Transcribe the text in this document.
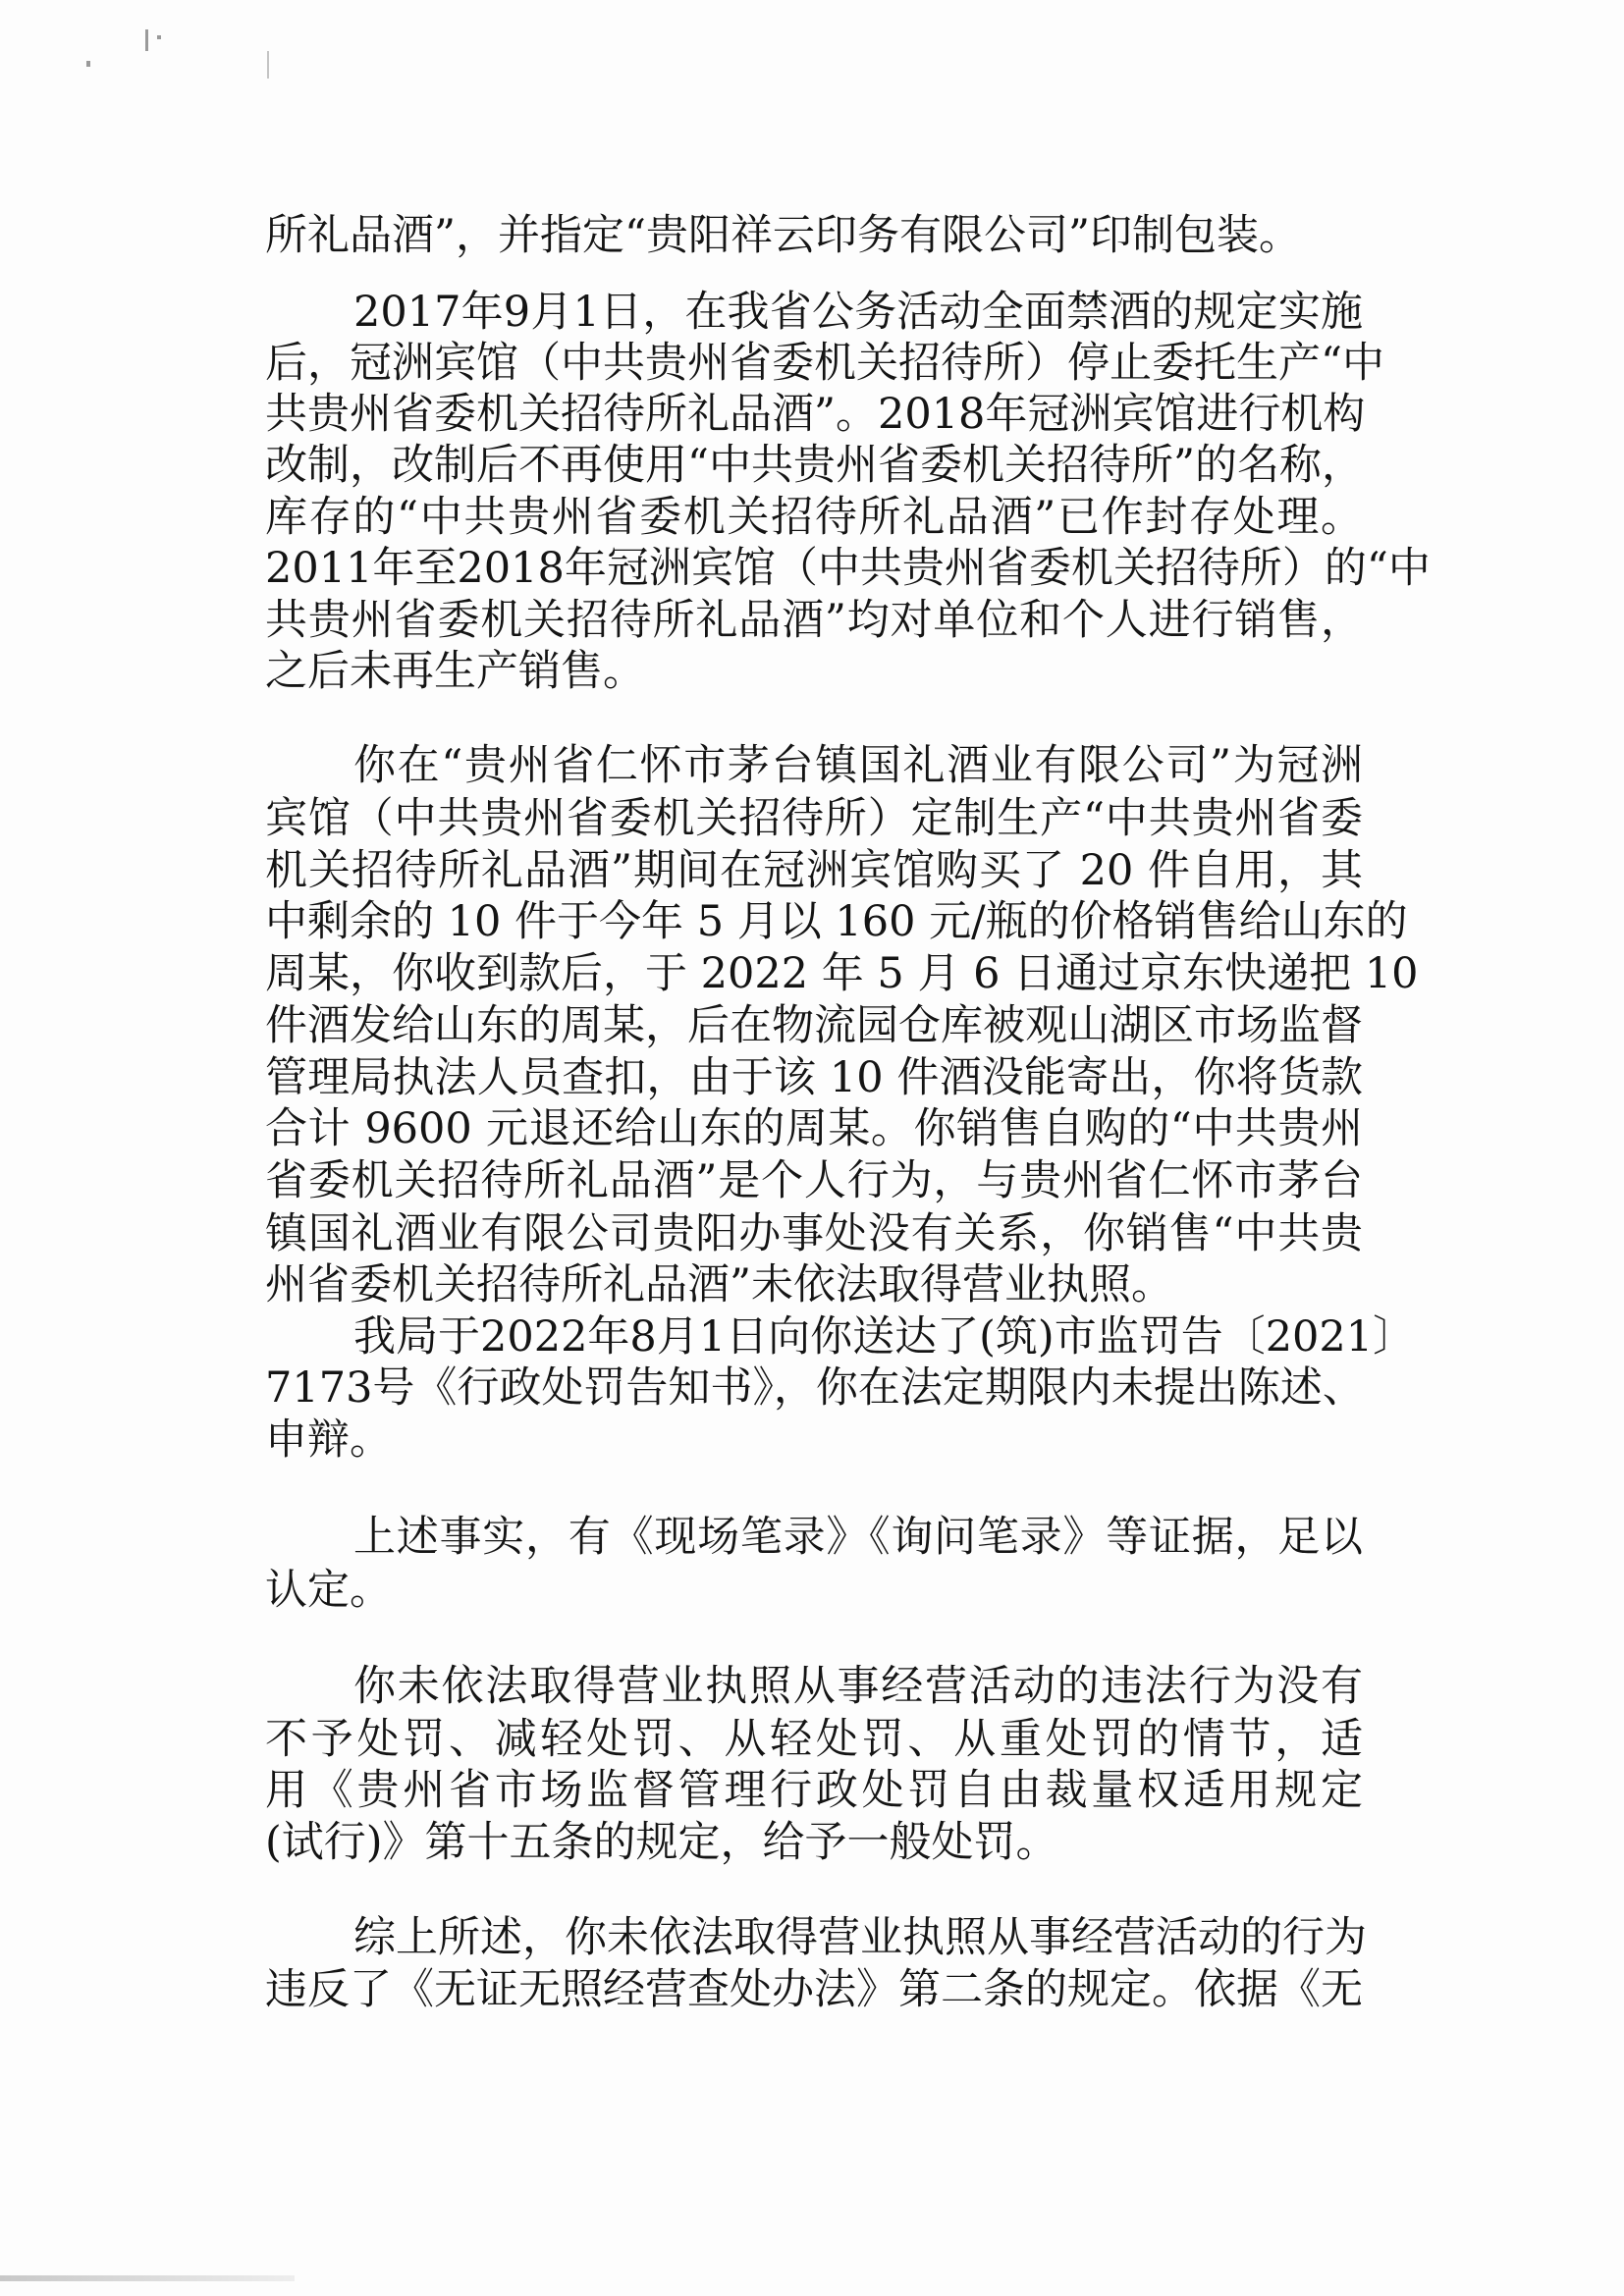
所礼品酒”，并指定“贵阳祥云印务有限公司”印制包装。
2017年9月1日，在我省公务活动全面禁酒的规定实施
后，冠洲宾馆（中共贵州省委机关招待所）停止委托生产“中
共贵州省委机关招待所礼品酒”。2018年冠洲宾馆进行机构
改制，改制后不再使用“中共贵州省委机关招待所”的名称，
库存的“中共贵州省委机关招待所礼品酒”已作封存处理。
2011年至2018年冠洲宾馆（中共贵州省委机关招待所）的“中
共贵州省委机关招待所礼品酒”均对单位和个人进行销售，
之后未再生产销售。
你在“贵州省仁怀市茅台镇国礼酒业有限公司”为冠洲
宾馆（中共贵州省委机关招待所）定制生产“中共贵州省委
机关招待所礼品酒”期间在冠洲宾馆购买了 20 件自用，其
中剩余的 10 件于今年 5 月以 160 元/瓶的价格销售给山东的
周某，你收到款后，于 2022 年 5 月 6 日通过京东快递把 10
件酒发给山东的周某，后在物流园仓库被观山湖区市场监督
管理局执法人员查扣，由于该 10 件酒没能寄出，你将货款
合计 9600 元退还给山东的周某。你销售自购的“中共贵州
省委机关招待所礼品酒”是个人行为，与贵州省仁怀市茅台
镇国礼酒业有限公司贵阳办事处没有关系，你销售“中共贵
州省委机关招待所礼品酒”未依法取得营业执照。
我局于2022年8月1日向你送达了(筑)市监罚告〔2021〕
7173号《行政处罚告知书》，你在法定期限内未提出陈述、
申辩。
上述事实，有《现场笔录》《询问笔录》等证据，足以
认定。
你未依法取得营业执照从事经营活动的违法行为没有
不予处罚、减轻处罚、从轻处罚、从重处罚的情节，适
用《贵州省市场监督管理行政处罚自由裁量权适用规定
(试行)》第十五条的规定，给予一般处罚。
综上所述，你未依法取得营业执照从事经营活动的行为
违反了《无证无照经营查处办法》第二条的规定。依据《无
